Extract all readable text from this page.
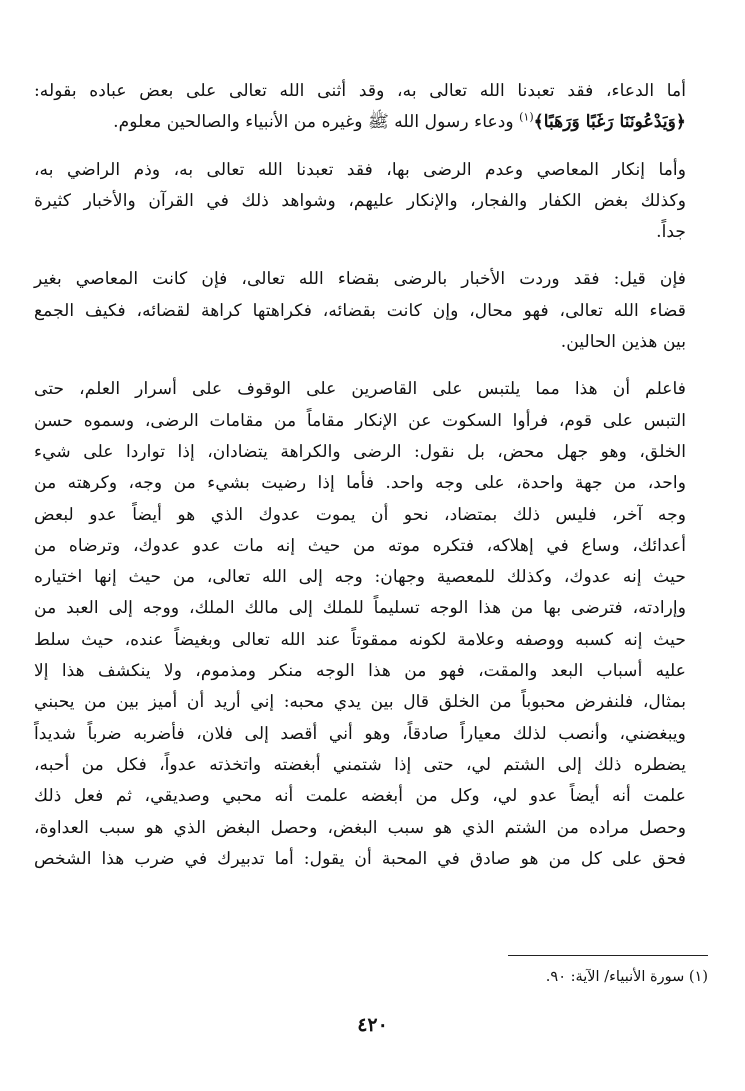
أما الدعاء، فقد تعبدنا الله تعالى به، وقد أثنى الله تعالى على بعض عباده بقوله:
﴿وَيَدْعُونَنَا رَغَبًا وَرَهَبًا﴾$^{(١)}$ ودعاء رسول الله ﷺ وغيره من الأنبياء والصالحين معلوم.

وأما إنكار المعاصي وعدم الرضى بها، فقد تعبدنا الله تعالى به، وذم الراضي به،
وكذلك بغض الكفار والفجار، والإنكار عليهم، وشواهد ذلك في القرآن والأخبار كثيرة
جداً.

فإن قيل: فقد وردت الأخبار بالرضى بقضاء الله تعالى، فإن كانت المعاصي بغير
قضاء الله تعالى، فهو محال، وإن كانت بقضائه، فكراهتها كراهة لقضائه، فكيف الجمع
بين هذين الحالين.

فاعلم أن هذا مما يلتبس على القاصرين على الوقوف على أسرار العلم، حتى
التبس على قوم، فرأوا السكوت عن الإنكار مقاماً من مقامات الرضى، وسموه حسن
الخلق، وهو جهل محض، بل نقول: الرضى والكراهة يتضادان، إذا تواردا على شيء
واحد، من جهة واحدة، على وجه واحد. فأما إذا رضيت بشيء من وجه، وكرهته من
وجه آخر، فليس ذلك بمتضاد، نحو أن يموت عدوك الذي هو أيضاً عدو لبعض
أعدائك، وساع في إهلاكه، فتكره موته من حيث إنه مات عدو عدوك، وترضاه من
حيث إنه عدوك، وكذلك للمعصية وجهان: وجه إلى الله تعالى، من حيث إنها اختياره
وإرادته، فترضى بها من هذا الوجه تسليماً للملك إلى مالك الملك، ووجه إلى العبد من
حيث إنه كسبه ووصفه وعلامة لكونه ممقوتاً عند الله تعالى وبغيضاً عنده، حيث سلط
عليه أسباب البعد والمقت، فهو من هذا الوجه منكر ومذموم، ولا ينكشف هذا إلا
بمثال، فلنفرض محبوباً من الخلق قال بين يدي محبه: إني أريد أن أميز بين من يحبني
ويبغضني، وأنصب لذلك معياراً صادقاً، وهو أني أقصد إلى فلان، فأضربه ضرباً شديداً
يضطره ذلك إلى الشتم لي، حتى إذا شتمني أبغضته واتخذته عدواً، فكل من أحبه،
علمت أنه أيضاً عدو لي، وكل من أبغضه علمت أنه محبي وصديقي، ثم فعل ذلك
وحصل مراده من الشتم الذي هو سبب البغض، وحصل البغض الذي هو سبب العداوة،
فحق على كل من هو صادق في المحبة أن يقول: أما تدبيرك في ضرب هذا الشخص

(١) سورة الأنبياء/ الآية: ٩٠.
٤٢٠
